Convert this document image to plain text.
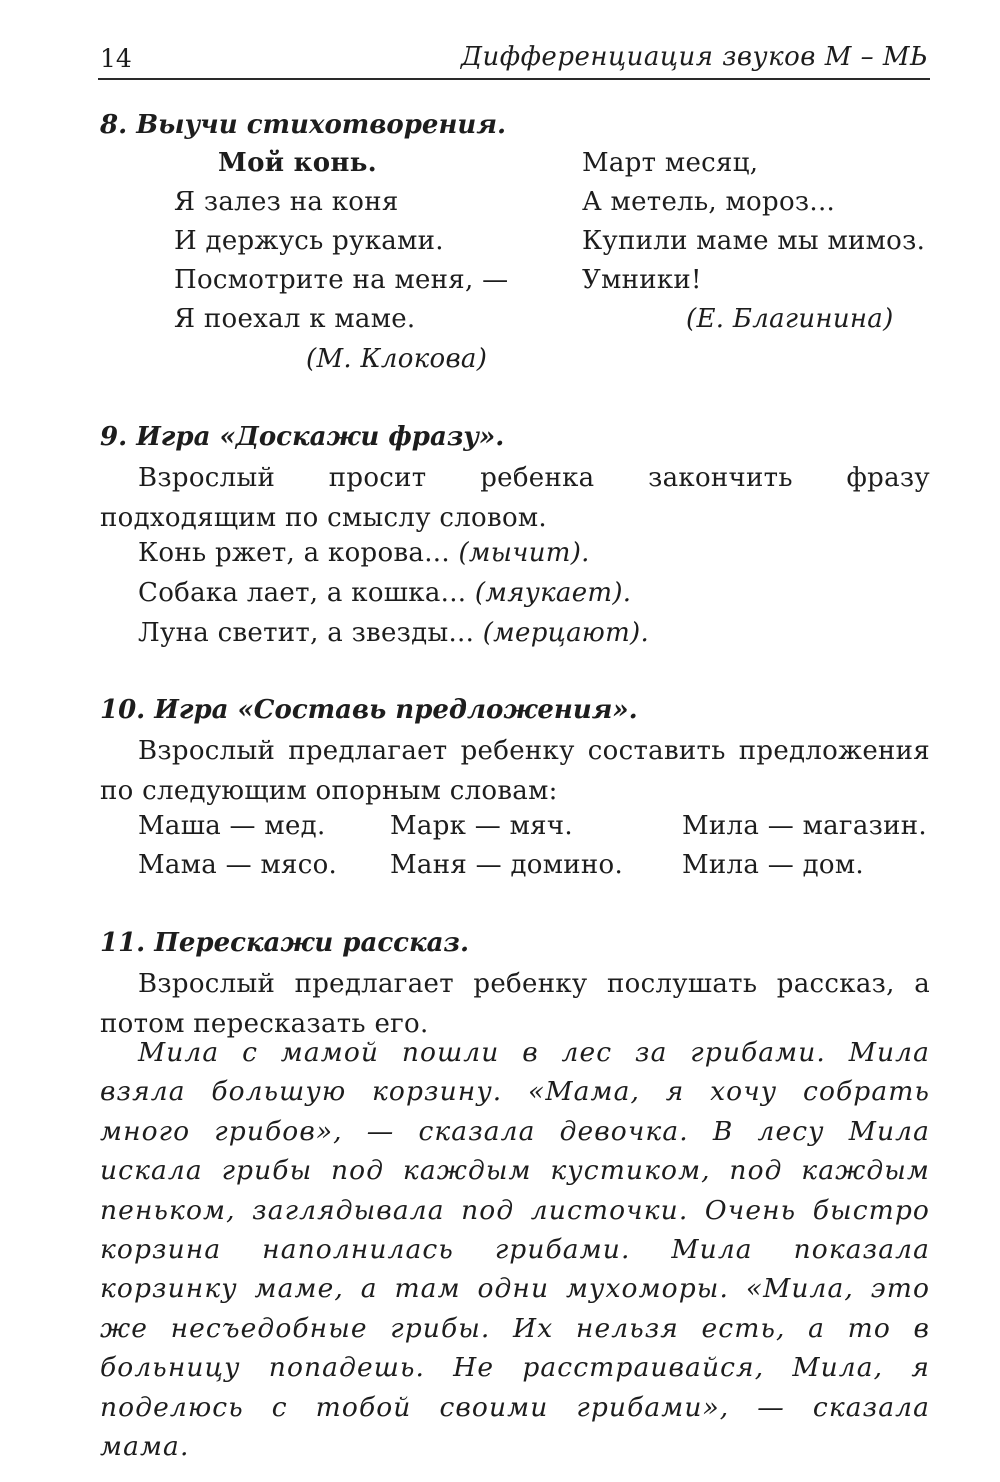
14	Дифференциация звуков М – МЬ
8. Выучи стихотворения.
Мой конь.
Я залез на коня
И держусь руками.
Посмотрите на меня, —
Я поехал к маме.
(М. Клокова)
Март месяц,
А метель, мороз...
Купили маме мы мимоз.
Умники!
(Е. Благинина)
9. Игра «Доскажи фразу».
Взрослый просит ребенка закончить фразу подходящим по смыслу словом.
Конь ржет, а корова... (мычит).
Собака лает, а кошка... (мяукает).
Луна светит, а звезды... (мерцают).
10. Игра «Составь предложения».
Взрослый предлагает ребенку составить предложения по следующим опорным словам:
Маша — мед. Марк — мяч.	Мила — магазин.
Мама — мясо. Маня — домино. Мила — дом.
11. Перескажи рассказ.
Взрослый предлагает ребенку послушать рассказ, а потом пересказать его.
Мила с мамой пошли в лес за грибами. Мила взяла большую корзину. «Мама, я хочу собрать много грибов», — сказала девочка. В лесу Мила искала грибы под каждым кустиком, под каждым пеньком, заглядывала под листочки. Очень быстро корзина наполнилась грибами. Мила показала корзинку маме, а там одни мухоморы. «Мила, это же несъедобные грибы. Их нельзя есть, а то в больницу попадешь. Не расстраивайся, Мила, я поделюсь с тобой своими грибами», — сказала мама.
